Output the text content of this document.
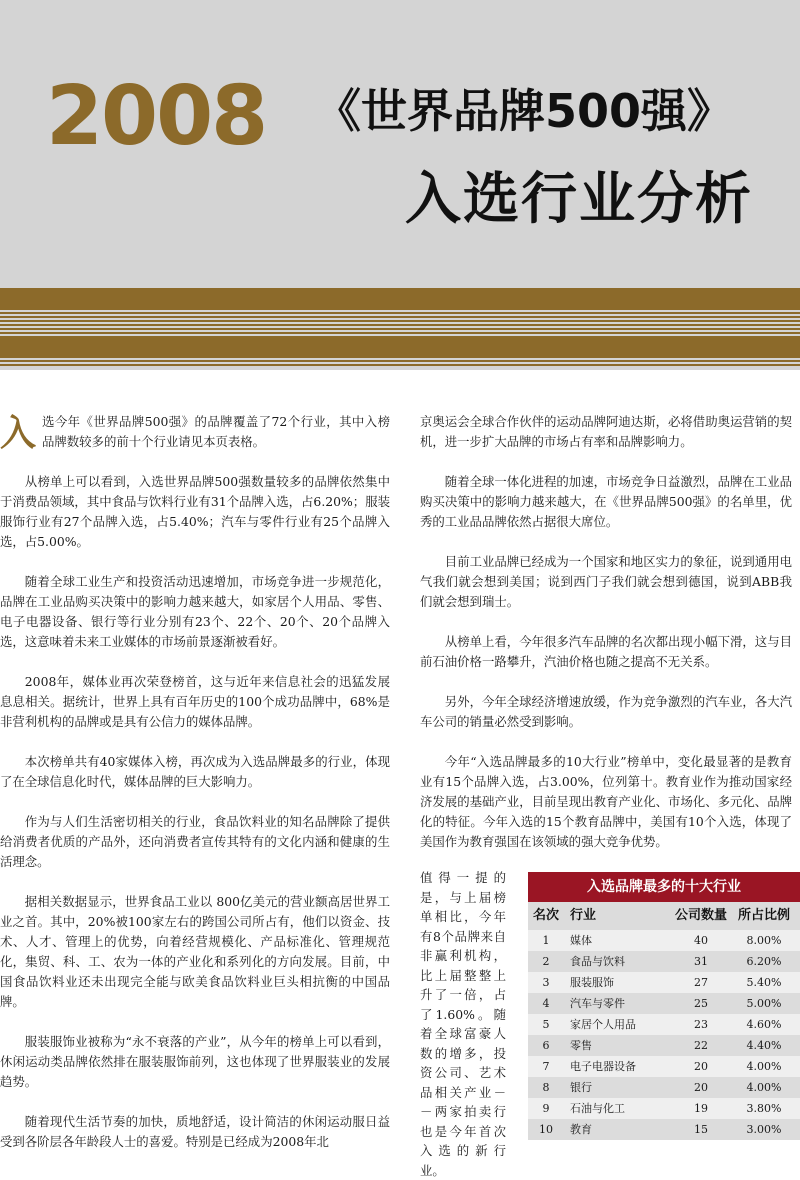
2008 《世界品牌500强》
入选行业分析

入选今年《世界品牌500强》的品牌覆盖了72个行业，其中入榜品牌数较多的前十个行业请见本页表格。

从榜单上可以看到，入选世界品牌500强数量较多的品牌依然集中于消费品领域，其中食品与饮料行业有31个品牌入选，占6.20%；服装服饰行业有27个品牌入选，占5.40%；汽车与零件行业有25个品牌入选，占5.00%。

随着全球工业生产和投资活动迅速增加，市场竞争进一步规范化，品牌在工业品购买决策中的影响力越来越大，如家居个人用品、零售、电子电器设备、银行等行业分别有23个、22个、20个、20个品牌入选，这意味着未来工业媒体的市场前景逐渐被看好。

2008年，媒体业再次荣登榜首，这与近年来信息社会的迅猛发展息息相关。据统计，世界上具有百年历史的100个成功品牌中，68%是非营利机构的品牌或是具有公信力的媒体品牌。

本次榜单共有40家媒体入榜，再次成为入选品牌最多的行业，体现了在全球信息化时代，媒体品牌的巨大影响力。

作为与人们生活密切相关的行业，食品饮料业的知名品牌除了提供给消费者优质的产品外，还向消费者宣传其特有的文化内涵和健康的生活理念。

据相关数据显示，世界食品工业以 800亿美元的营业额高居世界工业之首。其中，20%被100家左右的跨国公司所占有，他们以资金、技术、人才、管理上的优势，向着经营规模化、产品标准化、管理规范化，集贸、科、工、农为一体的产业化和系列化的方向发展。目前，中国食品饮料业还未出现完全能与欧美食品饮料业巨头相抗衡的中国品牌。

服装服饰业被称为“永不衰落的产业”，从今年的榜单上可以看到，休闲运动类品牌依然排在服装服饰前列，这也体现了世界服装业的发展趋势。

随着现代生活节奏的加快，质地舒适，设计简洁的休闲运动服日益受到各阶层各年龄段人士的喜爱。特别是已经成为2008年北

京奥运会全球合作伙伴的运动品牌阿迪达斯，必将借助奥运营销的契机，进一步扩大品牌的市场占有率和品牌影响力。

随着全球一体化进程的加速，市场竞争日益激烈，品牌在工业品购买决策中的影响力越来越大，在《世界品牌500强》的名单里，优秀的工业品品牌依然占据很大席位。

目前工业品牌已经成为一个国家和地区实力的象征，说到通用电气我们就会想到美国；说到西门子我们就会想到德国，说到ABB我们就会想到瑞士。

从榜单上看，今年很多汽车品牌的名次都出现小幅下滑，这与目前石油价格一路攀升，汽油价格也随之提高不无关系。

另外，今年全球经济增速放缓，作为竞争激烈的汽车业，各大汽车公司的销量必然受到影响。

今年“入选品牌最多的10大行业”榜单中，变化最显著的是教育业有15个品牌入选，占3.00%，位列第十。教育业作为推动国家经济发展的基础产业，目前呈现出教育产业化、市场化、多元化、品牌化的特征。今年入选的15个教育品牌中，美国有10个入选，体现了美国作为教育强国在该领域的强大竞争优势。

值得一提的是，与上届榜单相比，今年有8个品牌来自非赢利机构，比上届整整上升了一倍，占了1.60%。随着全球富豪人数的增多，投资公司、艺术品相关产业－－两家拍卖行也是今年首次入选的新行业。
入选品牌最多的十大行业
名次 行业	公司数量 所占比例
1	媒体	40	8.00%
2	食品与饮料	31	6.20%
3	服装服饰	27	5.40%
4	汽车与零件	25	5.00%
5	家居个人用品	23	4.60%
6	零售	22	4.40%
7	电子电器设备	20	4.00%
8	银行	20	4.00%
9	石油与化工	19	3.80%
10	教育	15	3.00%
